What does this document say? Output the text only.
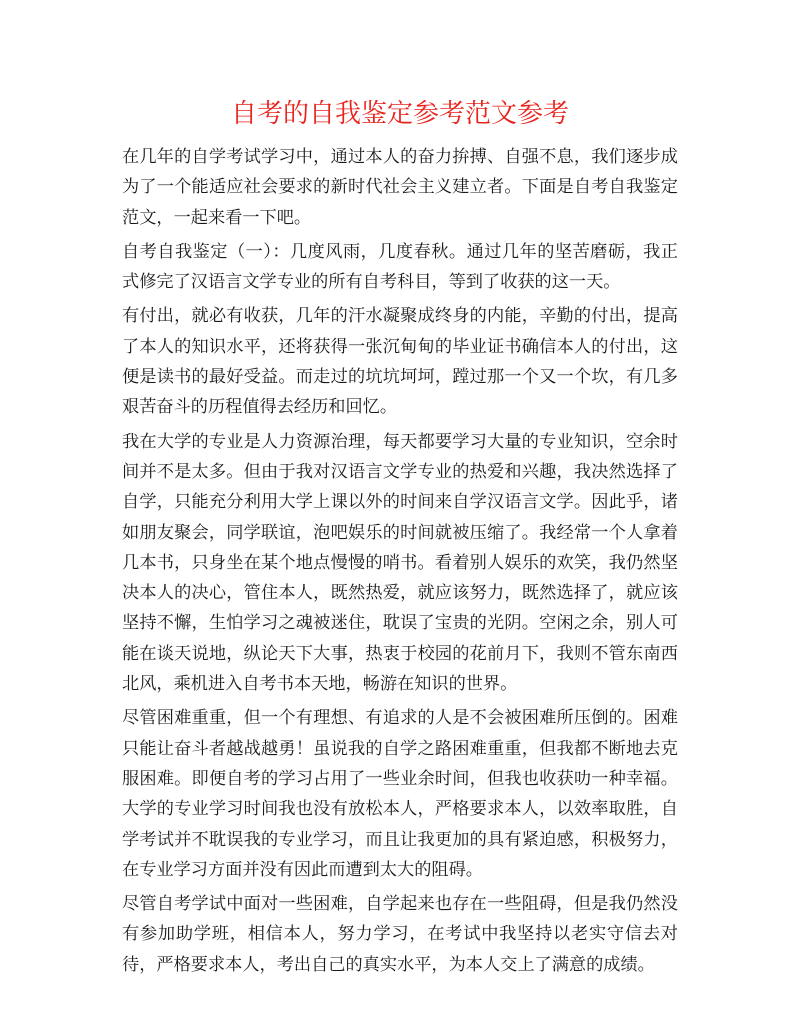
自考的自我鉴定参考范文参考

在几年的自学考试学习中，通过本人的奋力拚搏、自强不息，我们逐步成为了一个能适应社会要求的新时代社会主义建立者。下面是自考自我鉴定范文，一起来看一下吧。

自考自我鉴定（一）：几度风雨，几度春秋。通过几年的坚苦磨砺，我正式修完了汉语言文学专业的所有自考科目，等到了收获的这一天。

有付出，就必有收获，几年的汗水凝聚成终身的内能，辛勤的付出，提高了本人的知识水平，还将获得一张沉甸甸的毕业证书确信本人的付出，这便是读书的最好受益。而走过的坑坑坷坷，蹚过那一个又一个坎，有几多艰苦奋斗的历程值得去经历和回忆。

我在大学的专业是人力资源治理，每天都要学习大量的专业知识，空余时间并不是太多。但由于我对汉语言文学专业的热爱和兴趣，我决然选择了自学，只能充分利用大学上课以外的时间来自学汉语言文学。因此乎，诸如朋友聚会，同学联谊，泡吧娱乐的时间就被压缩了。我经常一个人拿着几本书，只身坐在某个地点慢慢的哨书。看着别人娱乐的欢笑，我仍然坚决本人的决心，管住本人，既然热爱，就应该努力，既然选择了，就应该坚持不懈，生怕学习之魂被迷住，耽误了宝贵的光阴。空闲之余，别人可能在谈天说地，纵论天下大事，热衷于校园的花前月下，我则不管东南西北风，乘机进入自考书本天地，畅游在知识的世界。

尽管困难重重，但一个有理想、有追求的人是不会被困难所压倒的。困难只能让奋斗者越战越勇！虽说我的自学之路困难重重，但我都不断地去克服困难。即便自考的学习占用了一些业余时间，但我也收获叻一种幸福。大学的专业学习时间我也没有放松本人，严格要求本人，以效率取胜，自学考试并不耽误我的专业学习，而且让我更加的具有紧迫感，积极努力，在专业学习方面并没有因此而遭到太大的阻碍。

尽管自考学试中面对一些困难，自学起来也存在一些阻碍，但是我仍然没有参加助学班，相信本人，努力学习，在考试中我坚持以老实守信去对待，严格要求本人，考出自己的真实水平，为本人交上了满意的成绩。
